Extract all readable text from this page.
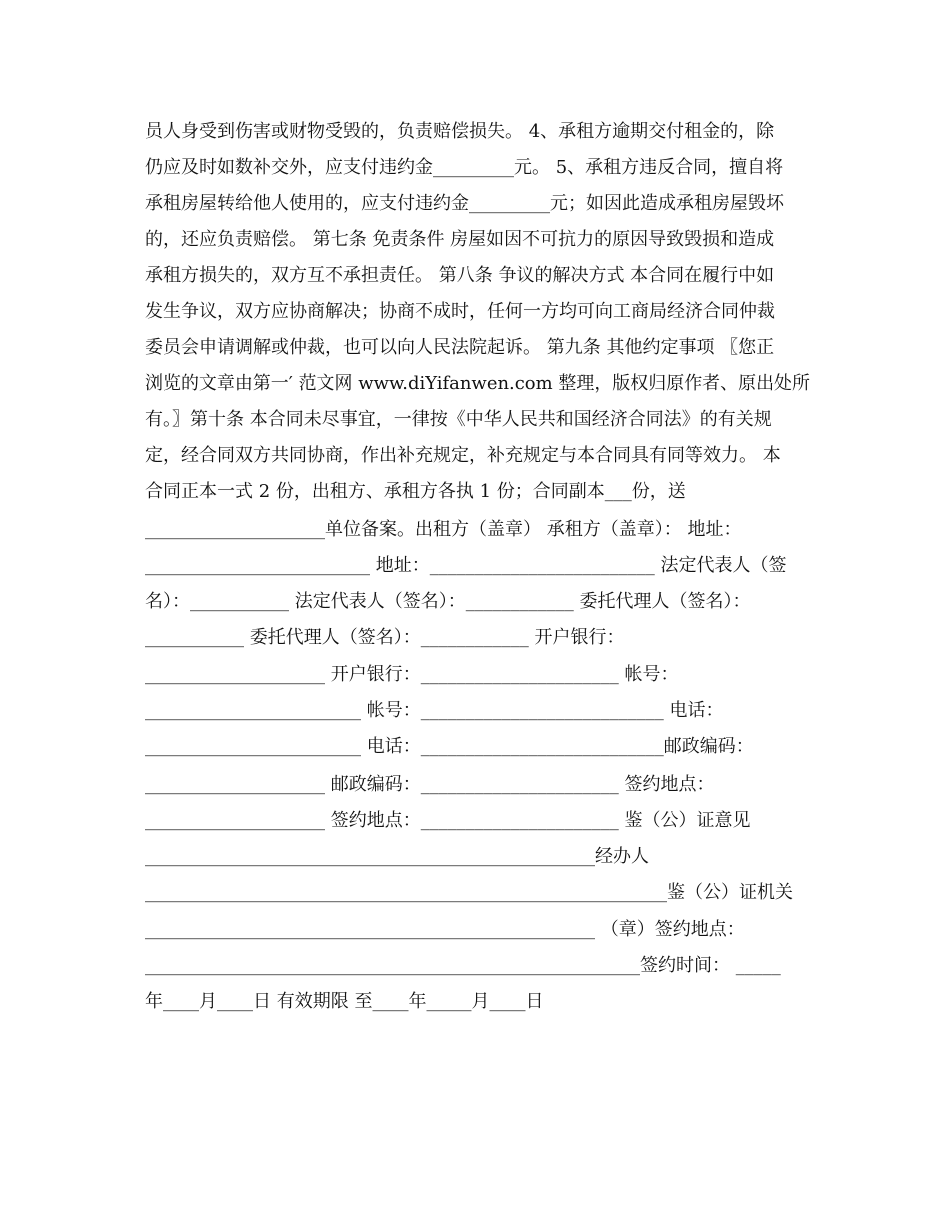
员人身受到伤害或财物受毁的，负责赔偿损失。 4、承租方逾期交付租金的，除
仍应及时如数补交外，应支付违约金_________元。 5、承租方违反合同，擅自将
承租房屋转给他人使用的，应支付违约金_________元；如因此造成承租房屋毁坏
的，还应负责赔偿。 第七条 免责条件 房屋如因不可抗力的原因导致毁损和造成
承租方损失的，双方互不承担责任。 第八条 争议的解决方式 本合同在履行中如
发生争议，双方应协商解决；协商不成时，任何一方均可向工商局经济合同仲裁
委员会申请调解或仲裁，也可以向人民法院起诉。 第九条 其他约定事项 〖您正
浏览的文章由第一′ 范文网 www.diYifanwen.com 整理，版权归原作者、原出处所
有。〗第十条 本合同未尽事宜，一律按《中华人民共和国经济合同法》的有关规
定，经合同双方共同协商，作出补充规定，补充规定与本合同具有同等效力。 本
合同正本一式 2 份，出租方、承租方各执 1 份；合同副本___份，送
____________________单位备案。出租方（盖章） 承租方（盖章）： 地址：
_________________________ 地址：_________________________ 法定代表人（签
名）：___________ 法定代表人（签名）：____________ 委托代理人（签名）：
___________ 委托代理人（签名）：____________ 开户银行：
____________________ 开户银行：______________________ 帐号：
________________________ 帐号：___________________________ 电话：
________________________ 电话：___________________________邮政编码：
____________________ 邮政编码：______________________ 签约地点：
____________________ 签约地点：______________________ 鉴（公）证意见
__________________________________________________经办人
__________________________________________________________鉴（公）证机关
__________________________________________________ （章）签约地点：
_______________________________________________________签约时间： _____
年____月____日 有效期限 至____年_____月____日
